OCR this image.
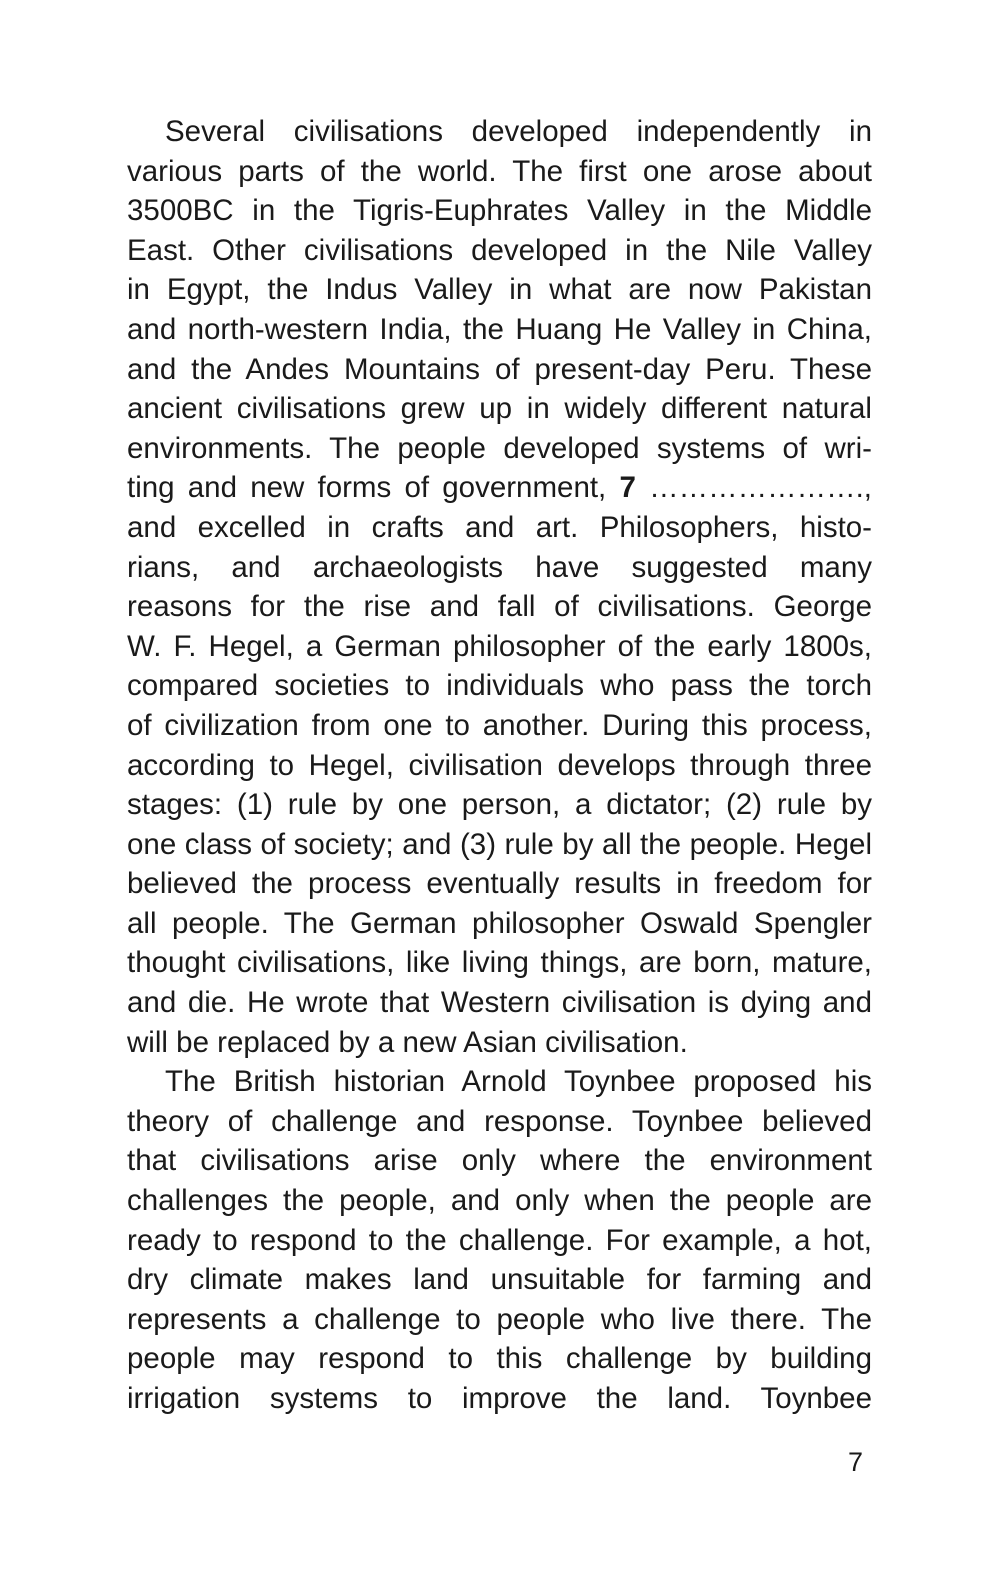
Several civilisations developed independently in
various parts of the world. The first one arose about
3500BC in the Tigris-Euphrates Valley in the Middle
East. Other civilisations developed in the Nile Valley
in Egypt, the Indus Valley in what are now Pakistan
and north-western India, the Huang He Valley in China,
and the Andes Mountains of present-day Peru. These
ancient civilisations grew up in widely different natural
environments. The people developed systems of wri-
ting and new forms of government, 7 ………………….,
and excelled in crafts and art. Philosophers, histo-
rians, and archaeologists have suggested many
reasons for the rise and fall of civilisations. George
W. F. Hegel, a German philosopher of the early 1800s,
compared societies to individuals who pass the torch
of civilization from one to another. During this process,
according to Hegel, civilisation develops through three
stages: (1) rule by one person, a dictator; (2) rule by
one class of society; and (3) rule by all the people. Hegel
believed the process eventually results in freedom for
all people. The German philosopher Oswald Spengler
thought civilisations, like living things, are born, mature,
and die. He wrote that Western civilisation is dying and
will be replaced by a new Asian civilisation.
The British historian Arnold Toynbee proposed his
theory of challenge and response. Toynbee believed
that civilisations arise only where the environment
challenges the people, and only when the people are
ready to respond to the challenge. For example, a hot,
dry climate makes land unsuitable for farming and
represents a challenge to people who live there. The
people may respond to this challenge by building
irrigation systems to improve the land. Toynbee
7
